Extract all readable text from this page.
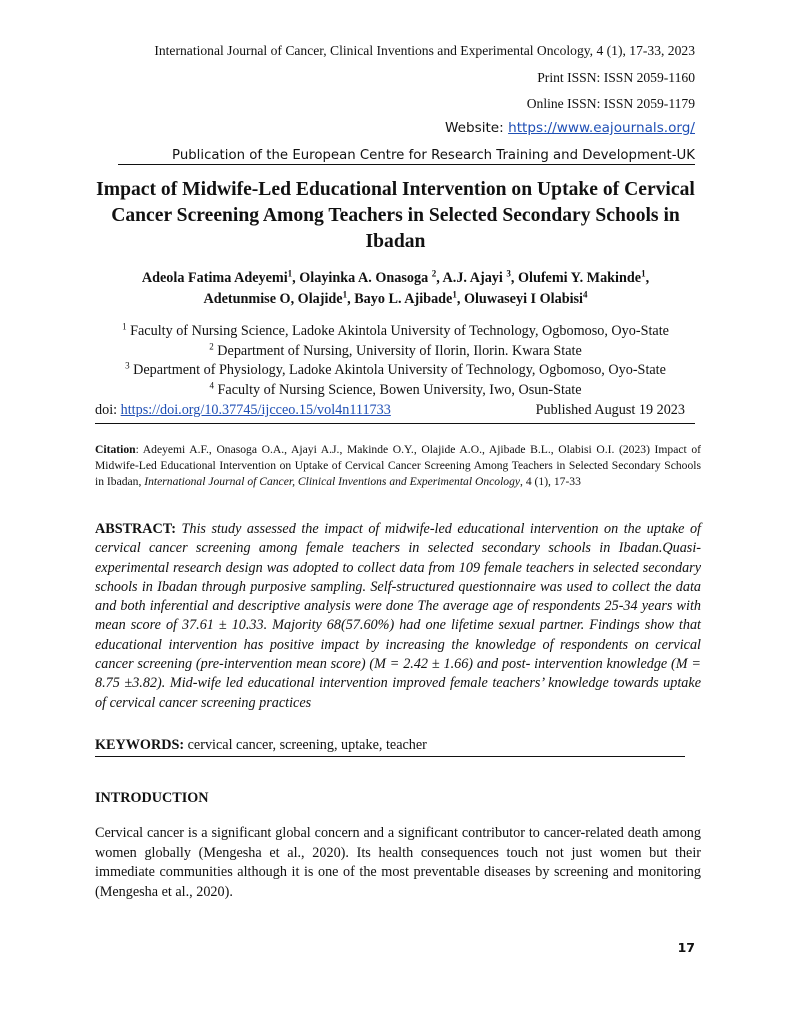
International Journal of Cancer, Clinical Inventions and Experimental Oncology, 4 (1), 17-33, 2023
Print ISSN: ISSN 2059-1160
Online ISSN: ISSN 2059-1179
Website: https://www.eajournals.org/
Publication of the European Centre for Research Training and Development-UK
Impact of Midwife-Led Educational Intervention on Uptake of Cervical Cancer Screening Among Teachers in Selected Secondary Schools in Ibadan
Adeola Fatima Adeyemi$^1$, Olayinka A. Onasoga $^2$, A.J. Ajayi $^3$, Olufemi Y. Makinde$^1$,
Adetunmise O, Olajide$^1$, Bayo L. Ajibade$^1$, Oluwaseyi I Olabisi$^4$
$^1$ Faculty of Nursing Science, Ladoke Akintola University of Technology, Ogbomoso, Oyo-State
$^2$ Department of Nursing, University of Ilorin, Ilorin. Kwara State
$^3$ Department of Physiology, Ladoke Akintola University of Technology, Ogbomoso, Oyo-State
$^4$ Faculty of Nursing Science, Bowen University, Iwo, Osun-State
doi: https://doi.org/10.37745/ijcceo.15/vol4n111733	Published August 19 2023
Citation: Adeyemi A.F., Onasoga O.A., Ajayi A.J., Makinde O.Y., Olajide A.O., Ajibade B.L., Olabisi O.I. (2023) Impact of Midwife-Led Educational Intervention on Uptake of Cervical Cancer Screening Among Teachers in Selected Secondary Schools in Ibadan, International Journal of Cancer, Clinical Inventions and Experimental Oncology, 4 (1), 17-33
ABSTRACT: This study assessed the impact of midwife-led educational intervention on the uptake of cervical cancer screening among female teachers in selected secondary schools in Ibadan.Quasi- experimental research design was adopted to collect data from 109 female teachers in selected secondary schools in Ibadan through purposive sampling. Self-structured questionnaire was used to collect the data and both inferential and descriptive analysis were done The average age of respondents 25-34 years with mean score of 37.61 ± 10.33. Majority 68(57.60%) had one lifetime sexual partner. Findings show that educational intervention has positive impact by increasing the knowledge of respondents on cervical cancer screening (pre-intervention mean score) (M = 2.42 ± 1.66) and post- intervention knowledge (M = 8.75 ±3.82). Mid-wife led educational intervention improved female teachers’ knowledge towards uptake of cervical cancer screening practices
KEYWORDS: cervical cancer, screening, uptake, teacher
INTRODUCTION
Cervical cancer is a significant global concern and a significant contributor to cancer-related death among women globally (Mengesha et al., 2020). Its health consequences touch not just women but their immediate communities although it is one of the most preventable diseases by screening and monitoring (Mengesha et al., 2020).
17
